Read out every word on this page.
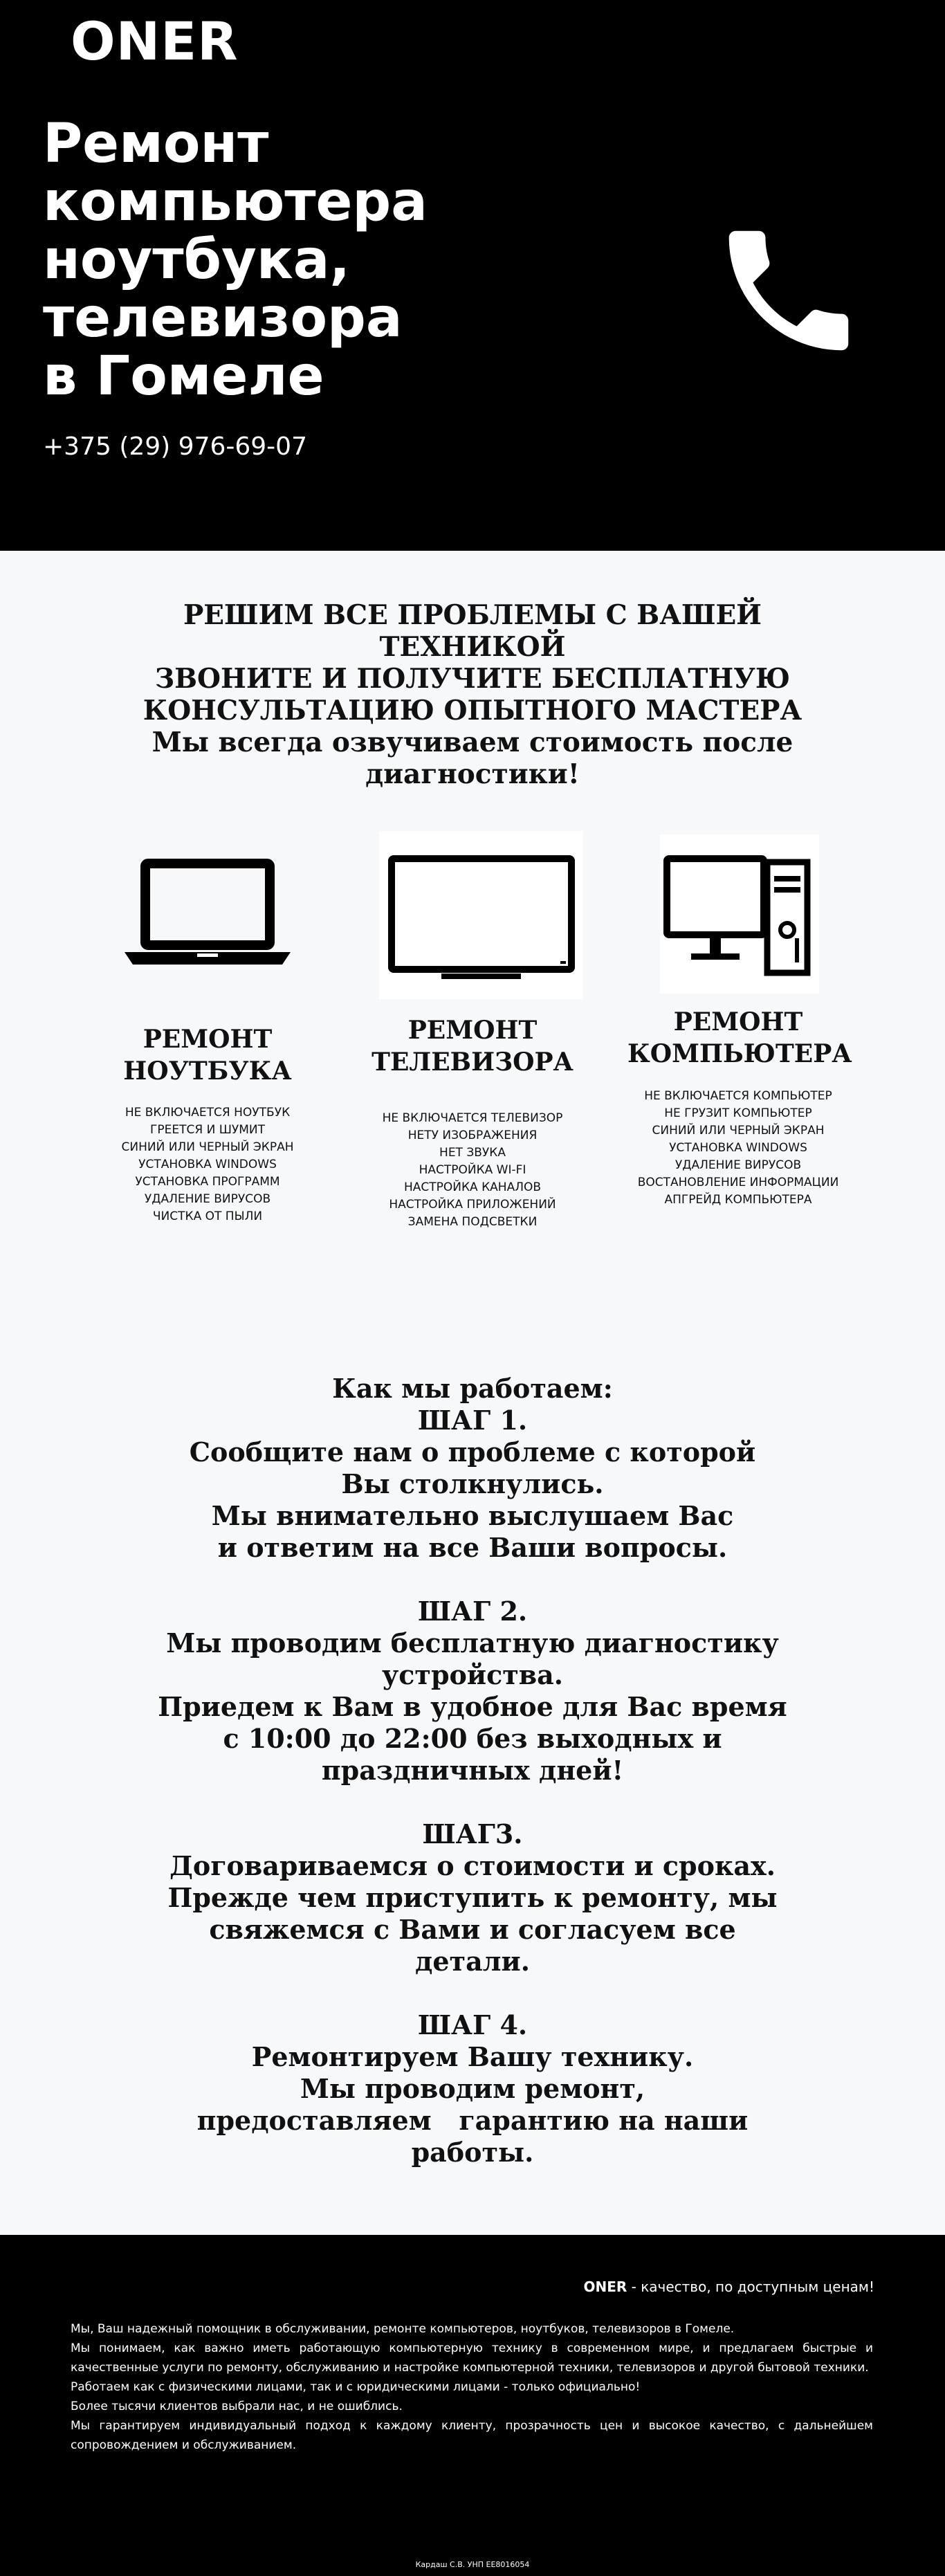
ONER
Ремонт компьютера
ноутбука,
телевизора
в Гомеле
+375 (29) 976-69-07
РЕШИМ ВСЕ ПРОБЛЕМЫ С ВАШЕЙ
ТЕХНИКОЙ
ЗВОНИТЕ И ПОЛУЧИТЕ БЕСПЛАТНУЮ
КОНСУЛЬТАЦИЮ ОПЫТНОГО МАСТЕРА
Мы всегда озвучиваем стоимость после
диагностики!
РЕМОНТ
НОУТБУКА
НЕ ВКЛЮЧАЕТСЯ НОУТБУК
ГРЕЕТСЯ И ШУМИТ
СИНИЙ ИЛИ ЧЕРНЫЙ ЭКРАН
УСТАНОВКА WINDOWS
УСТАНОВКА ПРОГРАММ
УДАЛЕНИЕ ВИРУСОВ
ЧИСТКА ОТ ПЫЛИ
РЕМОНТ
ТЕЛЕВИЗОРА
НЕ ВКЛЮЧАЕТСЯ ТЕЛЕВИЗОР
НЕТУ ИЗОБРАЖЕНИЯ
НЕТ ЗВУКА
НАСТРОЙКА WI-FI
НАСТРОЙКА КАНАЛОВ
НАСТРОЙКА ПРИЛОЖЕНИЙ
ЗАМЕНА ПОДСВЕТКИ
РЕМОНТ
КОМПЬЮТЕРА
НЕ ВКЛЮЧАЕТСЯ КОМПЬЮТЕР
НЕ ГРУЗИТ КОМПЬЮТЕР
СИНИЙ ИЛИ ЧЕРНЫЙ ЭКРАН
УСТАНОВКА WINDOWS
УДАЛЕНИЕ ВИРУСОВ
ВОСТАНОВЛЕНИЕ ИНФОРМАЦИИ
АПГРЕЙД КОМПЬЮТЕРА
Как мы работаем:
ШАГ 1.
Сообщите нам о проблеме с которой
Вы столкнулись.
Мы внимательно выслушаем Вас
и ответим на все Ваши вопросы.
ШАГ 2.
Мы проводим бесплатную диагностику
устройства.
Приедем к Вам в удобное для Вас время
с 10:00 до 22:00 без выходных и
праздничных дней!
ШАГ3.
Договариваемся о стоимости и сроках.
Прежде чем приступить к ремонту, мы
свяжемся с Вами и согласуем все
детали.
ШАГ 4.
Ремонтируем Вашу технику.
Мы проводим ремонт,
предоставляем   гарантию на наши
работы.
ONER - качество, по доступным ценам!

Мы, Ваш надежный помощник в обслуживании, ремонте компьютеров, ноутбуков, телевизоров в Гомеле.

Мы понимаем, как важно иметь работающую компьютерную технику в современном мире, и предлагаем быстрые и качественные услуги по ремонту, обслуживанию и настройке компьютерной техники, телевизоров и другой бытовой техники.

Работаем как с физическими лицами, так и с юридическими лицами - только официально!

Более тысячи клиентов выбрали нас, и не ошиблись.

Мы гарантируем индивидуальный подход к каждому клиенту, прозрачность цен и высокое качество, с дальнейшем сопровождением и обслуживанием.

Кардаш С.В. УНП ЕЕ8016054
